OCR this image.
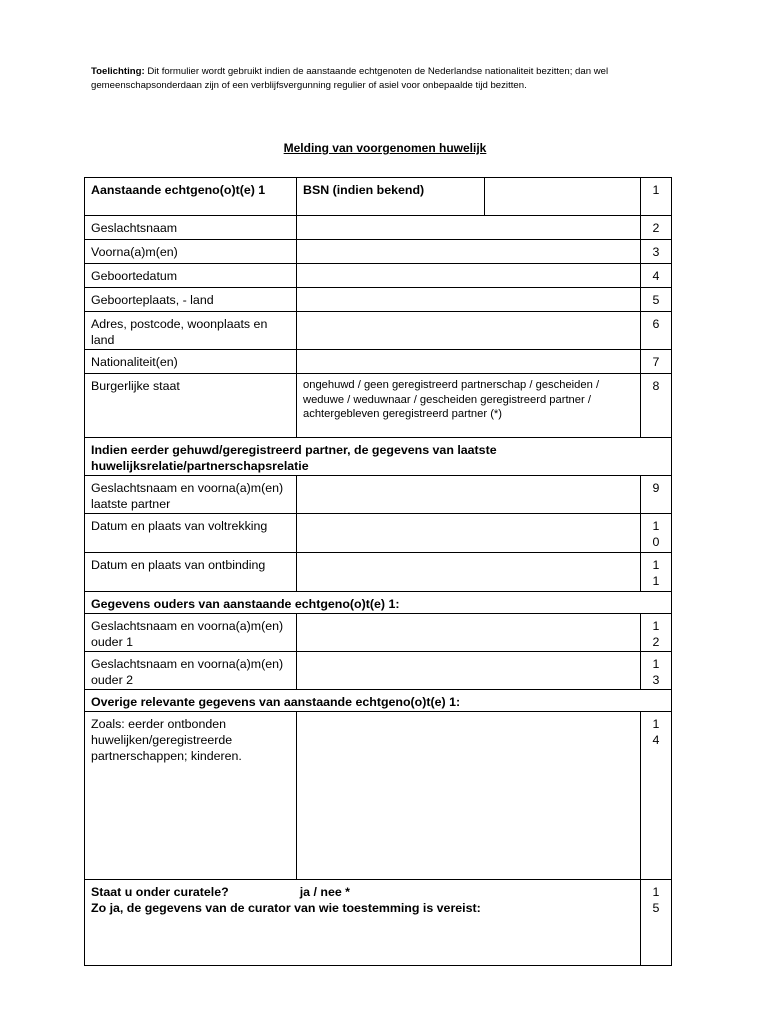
Toelichting: Dit formulier wordt gebruikt indien de aanstaande echtgenoten de Nederlandse nationaliteit bezitten; dan wel gemeenschapsonderdaan zijn of een verblijfsvergunning regulier of asiel voor onbepaalde tijd bezitten.
Melding van voorgenomen huwelijk
Aanstaande echtgeno(o)t(e) 1	BSN (indien bekend)		1

Geslachtsnaam			2

Voorna(a)m(en)			3

Geboortedatum			4

Geboorteplaats, - land			5

Adres, postcode, woonplaats en land			6

Nationaliteit(en)			7

Burgerlijke staat	ongehuwd / geen geregistreerd partnerschap / gescheiden / weduwe / weduwnaar / gescheiden geregistreerd partner / achtergebleven geregistreerd partner (*)		8

Indien eerder gehuwd/geregistreerd partner, de gegevens van laatste huwelijksrelatie/partnerschapsrelatie			
Geslachtsnaam en voorna(a)m(en) laatste partner			9

Datum en plaats van voltrekking			10

Datum en plaats van ontbinding			11

Gegevens ouders van aanstaande echtgeno(o)t(e) 1:			
Geslachtsnaam en voorna(a)m(en) ouder 1			12

Geslachtsnaam en voorna(a)m(en) ouder 2			13

Overige relevante gegevens van aanstaande echtgeno(o)t(e) 1:			
Zoals: eerder ontbonden huwelijken/geregistreerde partnerschappen; kinderen.			14

Staat u onder curatele? ja / nee *
Zo ja, de gegevens van de curator van wie toestemming is vereist:			15
